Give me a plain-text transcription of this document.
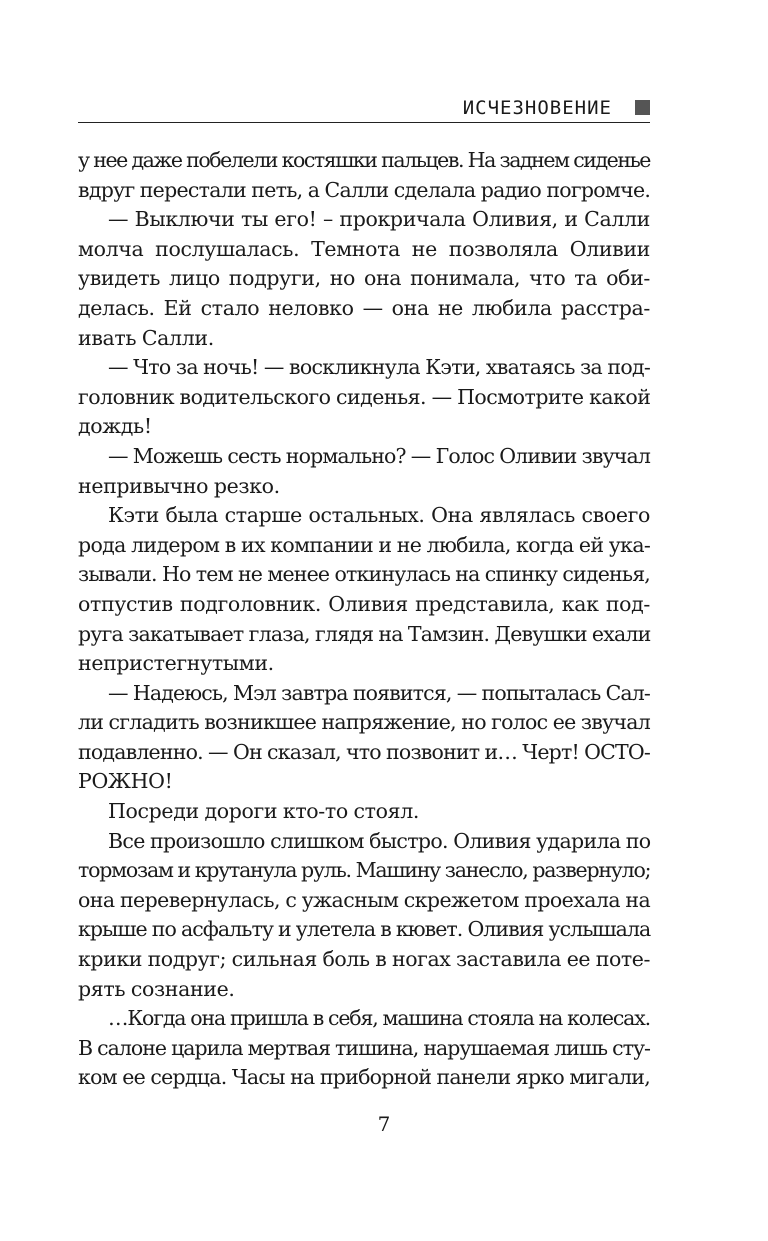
ИСЧЕЗНОВЕНИЕ
у нее даже побелели костяшки пальцев. На заднем сиденье
вдруг перестали петь, а Салли сделала радио погромче.
— Выключи ты его! – прокричала Оливия, и Салли
молча послушалась. Темнота не позволяла Оливии
увидеть лицо подруги, но она понимала, что та оби-
делась. Ей стало неловко — она не любила расстра-
ивать Салли.
— Что за ночь! — воскликнула Кэти, хватаясь за под-
головник водительского сиденья. — Посмотрите какой
дождь!
— Можешь сесть нормально? — Голос Оливии звучал
непривычно резко.
Кэти была старше остальных. Она являлась своего
рода лидером в их компании и не любила, когда ей ука-
зывали. Но тем не менее откинулась на спинку сиденья,
отпустив подголовник. Оливия представила, как под-
руга закатывает глаза, глядя на Тамзин. Девушки ехали
непристегнутыми.
— Надеюсь, Мэл завтра появится, — попыталась Сал-
ли сгладить возникшее напряжение, но голос ее звучал
подавленно. — Он сказал, что позвонит и… Черт! ОСТО-
РОЖНО!
Посреди дороги кто-то стоял.
Все произошло слишком быстро. Оливия ударила по
тормозам и крутанула руль. Машину занесло, развернуло;
она перевернулась, с ужасным скрежетом проехала на
крыше по асфальту и улетела в кювет. Оливия услышала
крики подруг; сильная боль в ногах заставила ее поте-
рять сознание.
…Когда она пришла в себя, машина стояла на колесах.
В салоне царила мертвая тишина, нарушаемая лишь сту-
ком ее сердца. Часы на приборной панели ярко мигали,
7
